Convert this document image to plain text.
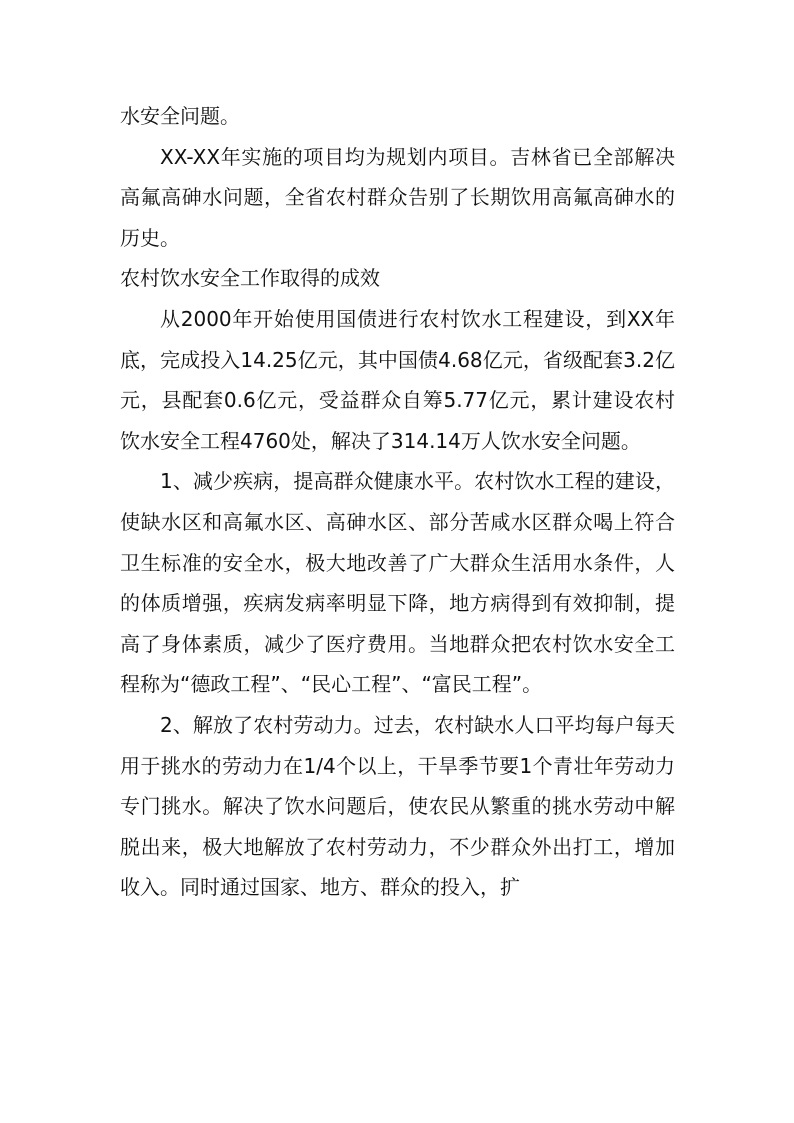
水安全问题。

XX-XX年实施的项目均为规划内项目。吉林省已全部解决高氟高砷水问题，全省农村群众告别了长期饮用高氟高砷水的历史。

农村饮水安全工作取得的成效

从2000年开始使用国债进行农村饮水工程建设，到XX年底，完成投入14.25亿元，其中国债4.68亿元，省级配套3.2亿元，县配套0.6亿元，受益群众自筹5.77亿元，累计建设农村饮水安全工程4760处，解决了314.14万人饮水安全问题。

1、减少疾病，提高群众健康水平。农村饮水工程的建设，使缺水区和高氟水区、高砷水区、部分苦咸水区群众喝上符合卫生标准的安全水，极大地改善了广大群众生活用水条件，人的体质增强，疾病发病率明显下降，地方病得到有效抑制，提高了身体素质，减少了医疗费用。当地群众把农村饮水安全工程称为“德政工程”、“民心工程”、“富民工程”。

2、解放了农村劳动力。过去，农村缺水人口平均每户每天用于挑水的劳动力在1/4个以上，干旱季节要1个青壮年劳动力专门挑水。解决了饮水问题后，使农民从繁重的挑水劳动中解脱出来，极大地解放了农村劳动力，不少群众外出打工，增加收入。同时通过国家、地方、群众的投入，扩
